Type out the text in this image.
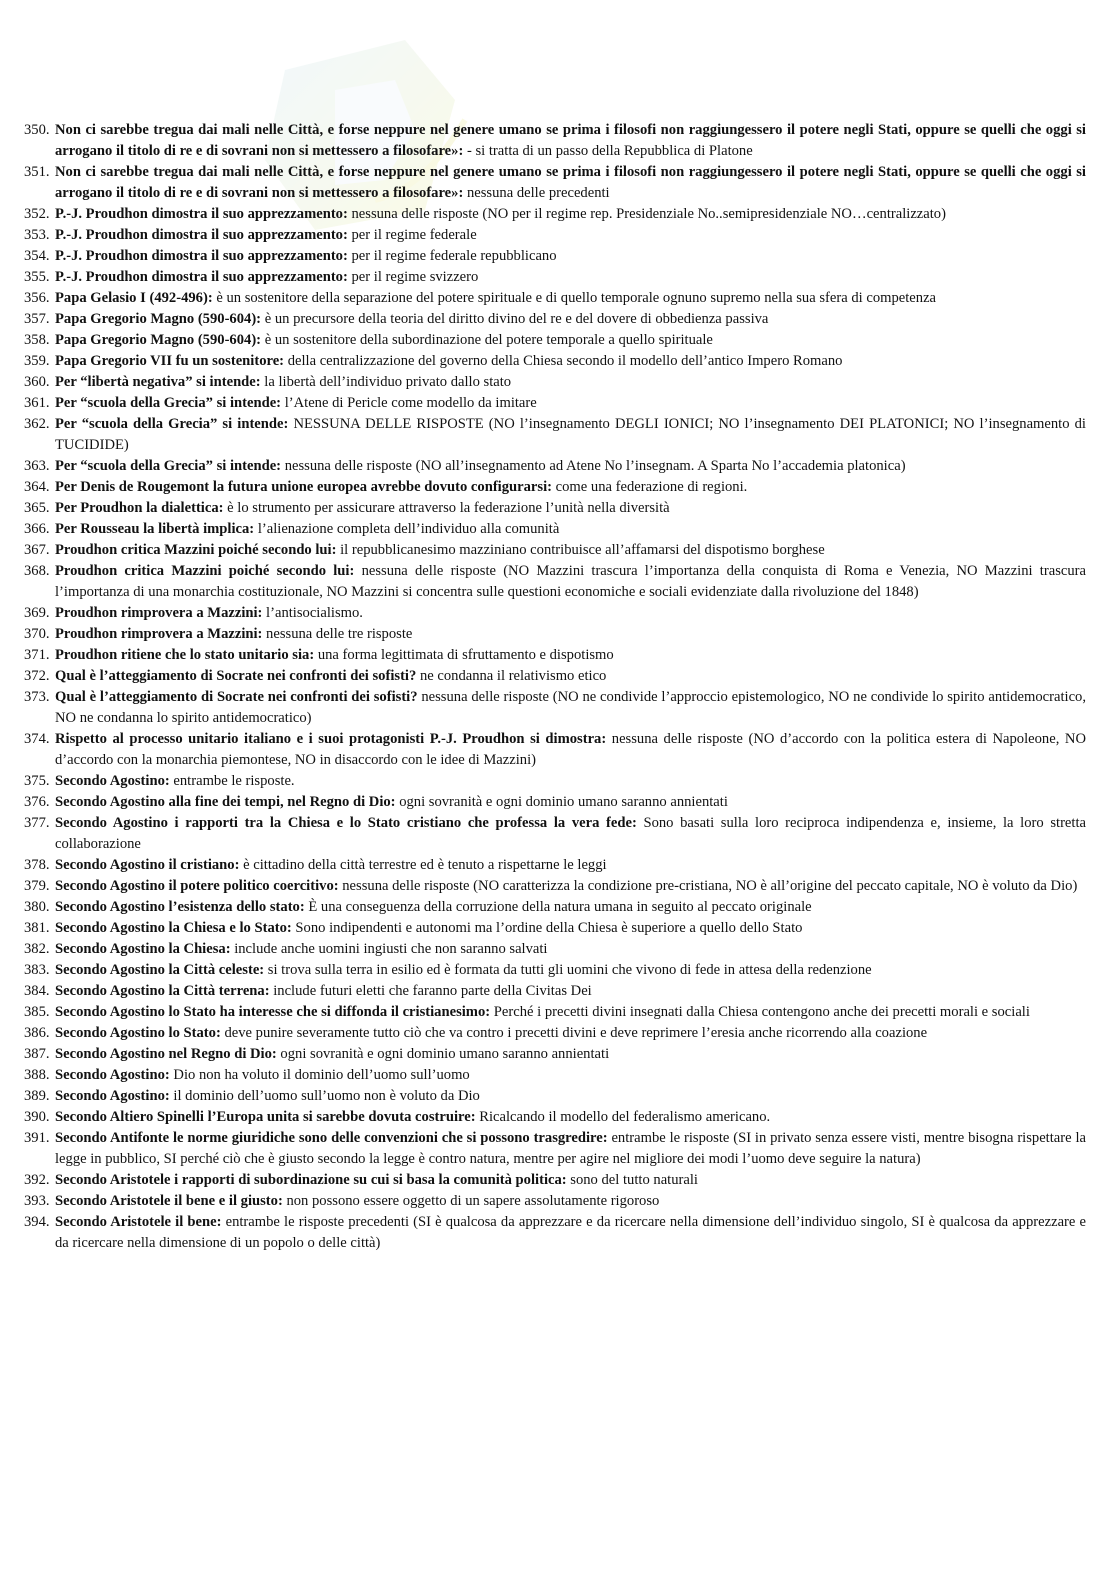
350. Non ci sarebbe tregua dai mali nelle Città, e forse neppure nel genere umano se prima i filosofi non raggiungessero il potere negli Stati, oppure se quelli che oggi si arrogano il titolo di re e di sovrani non si mettessero a filosofare»: - si tratta di un passo della Repubblica di Platone
351. Non ci sarebbe tregua dai mali nelle Città, e forse neppure nel genere umano se prima i filosofi non raggiungessero il potere negli Stati, oppure se quelli che oggi si arrogano il titolo di re e di sovrani non si mettessero a filosofare»: nessuna delle precedenti
352. P.-J. Proudhon dimostra il suo apprezzamento: nessuna delle risposte (NO per il regime rep. Presidenziale No..semipresidenziale NO…centralizzato)
353. P.-J. Proudhon dimostra il suo apprezzamento: per il regime federale
354. P.-J. Proudhon dimostra il suo apprezzamento: per il regime federale repubblicano
355. P.-J. Proudhon dimostra il suo apprezzamento: per il regime svizzero
356. Papa Gelasio I (492-496): è un sostenitore della separazione del potere spirituale e di quello temporale ognuno supremo nella sua sfera di competenza
357. Papa Gregorio Magno (590-604): è un precursore della teoria del diritto divino del re e del dovere di obbedienza passiva
358. Papa Gregorio Magno (590-604): è un sostenitore della subordinazione del potere temporale a quello spirituale
359. Papa Gregorio VII fu un sostenitore: della centralizzazione del governo della Chiesa secondo il modello dell’antico Impero Romano
360. Per “libertà negativa” si intende: la libertà dell’individuo privato dallo stato
361. Per “scuola della Grecia” si intende: l’Atene di Pericle come modello da imitare
362. Per “scuola della Grecia” si intende: NESSUNA DELLE RISPOSTE (NO l’insegnamento DEGLI IONICI; NO l’insegnamento DEI PLATONICI; NO l’insegnamento di TUCIDIDE)
363. Per “scuola della Grecia” si intende: nessuna delle risposte (NO all’insegnamento ad Atene No l’insegnam. A Sparta No l’accademia platonica)
364. Per Denis de Rougemont la futura unione europea avrebbe dovuto configurarsi: come una federazione di regioni.
365. Per Proudhon la dialettica: è lo strumento per assicurare attraverso la federazione l’unità nella diversità
366. Per Rousseau la libertà implica: l’alienazione completa dell’individuo alla comunità
367. Proudhon critica Mazzini poiché secondo lui: il repubblicanesimo mazziniano contribuisce all’affamarsi del dispotismo borghese
368. Proudhon critica Mazzini poiché secondo lui: nessuna delle risposte (NO Mazzini trascura l’importanza della conquista di Roma e Venezia, NO Mazzini trascura l’importanza di una monarchia costituzionale, NO Mazzini si concentra sulle questioni economiche e sociali evidenziate dalla rivoluzione del 1848)
369. Proudhon rimprovera a Mazzini: l’antisocialismo.
370. Proudhon rimprovera a Mazzini: nessuna delle tre risposte
371. Proudhon ritiene che lo stato unitario sia: una forma legittimata di sfruttamento e dispotismo
372. Qual è l’atteggiamento di Socrate nei confronti dei sofisti? ne condanna il relativismo etico
373. Qual è l’atteggiamento di Socrate nei confronti dei sofisti? nessuna delle risposte (NO ne condivide l’approccio epistemologico, NO ne condivide lo spirito antidemocratico, NO ne condanna lo spirito antidemocratico)
374. Rispetto al processo unitario italiano e i suoi protagonisti P.-J. Proudhon si dimostra: nessuna delle risposte (NO d’accordo con la politica estera di Napoleone, NO d’accordo con la monarchia piemontese, NO in disaccordo con le idee di Mazzini)
375. Secondo Agostino: entrambe le risposte.
376. Secondo Agostino alla fine dei tempi, nel Regno di Dio: ogni sovranità e ogni dominio umano saranno annientati
377. Secondo Agostino i rapporti tra la Chiesa e lo Stato cristiano che professa la vera fede: Sono basati sulla loro reciproca indipendenza e, insieme, la loro stretta collaborazione
378. Secondo Agostino il cristiano: è cittadino della città terrestre ed è tenuto a rispettarne le leggi
379. Secondo Agostino il potere politico coercitivo: nessuna delle risposte (NO caratterizza la condizione pre-cristiana, NO è all’origine del peccato capitale, NO è voluto da Dio)
380. Secondo Agostino l’esistenza dello stato: È una conseguenza della corruzione della natura umana in seguito al peccato originale
381. Secondo Agostino la Chiesa e lo Stato: Sono indipendenti e autonomi ma l’ordine della Chiesa è superiore a quello dello Stato
382. Secondo Agostino la Chiesa: include anche uomini ingiusti che non saranno salvati
383. Secondo Agostino la Città celeste: si trova sulla terra in esilio ed è formata da tutti gli uomini che vivono di fede in attesa della redenzione
384. Secondo Agostino la Città terrena: include futuri eletti che faranno parte della Civitas Dei
385. Secondo Agostino lo Stato ha interesse che si diffonda il cristianesimo: Perché i precetti divini insegnati dalla Chiesa contengono anche dei precetti morali e sociali
386. Secondo Agostino lo Stato: deve punire severamente tutto ciò che va contro i precetti divini e deve reprimere l’eresia anche ricorrendo alla coazione
387. Secondo Agostino nel Regno di Dio: ogni sovranità e ogni dominio umano saranno annientati
388. Secondo Agostino: Dio non ha voluto il dominio dell’uomo sull’uomo
389. Secondo Agostino: il dominio dell’uomo sull’uomo non è voluto da Dio
390. Secondo Altiero Spinelli l’Europa unita si sarebbe dovuta costruire: Ricalcando il modello del federalismo americano.
391. Secondo Antifonte le norme giuridiche sono delle convenzioni che si possono trasgredire: entrambe le risposte (SI in privato senza essere visti, mentre bisogna rispettare la legge in pubblico, SI perché ciò che è giusto secondo la legge è contro natura, mentre per agire nel migliore dei modi l’uomo deve seguire la natura)
392. Secondo Aristotele i rapporti di subordinazione su cui si basa la comunità politica: sono del tutto naturali
393. Secondo Aristotele il bene e il giusto: non possono essere oggetto di un sapere assolutamente rigoroso
394. Secondo Aristotele il bene: entrambe le risposte precedenti (SI è qualcosa da apprezzare e da ricercare nella dimensione dell’individuo singolo, SI è qualcosa da apprezzare e da ricercare nella dimensione di un popolo o delle città)
